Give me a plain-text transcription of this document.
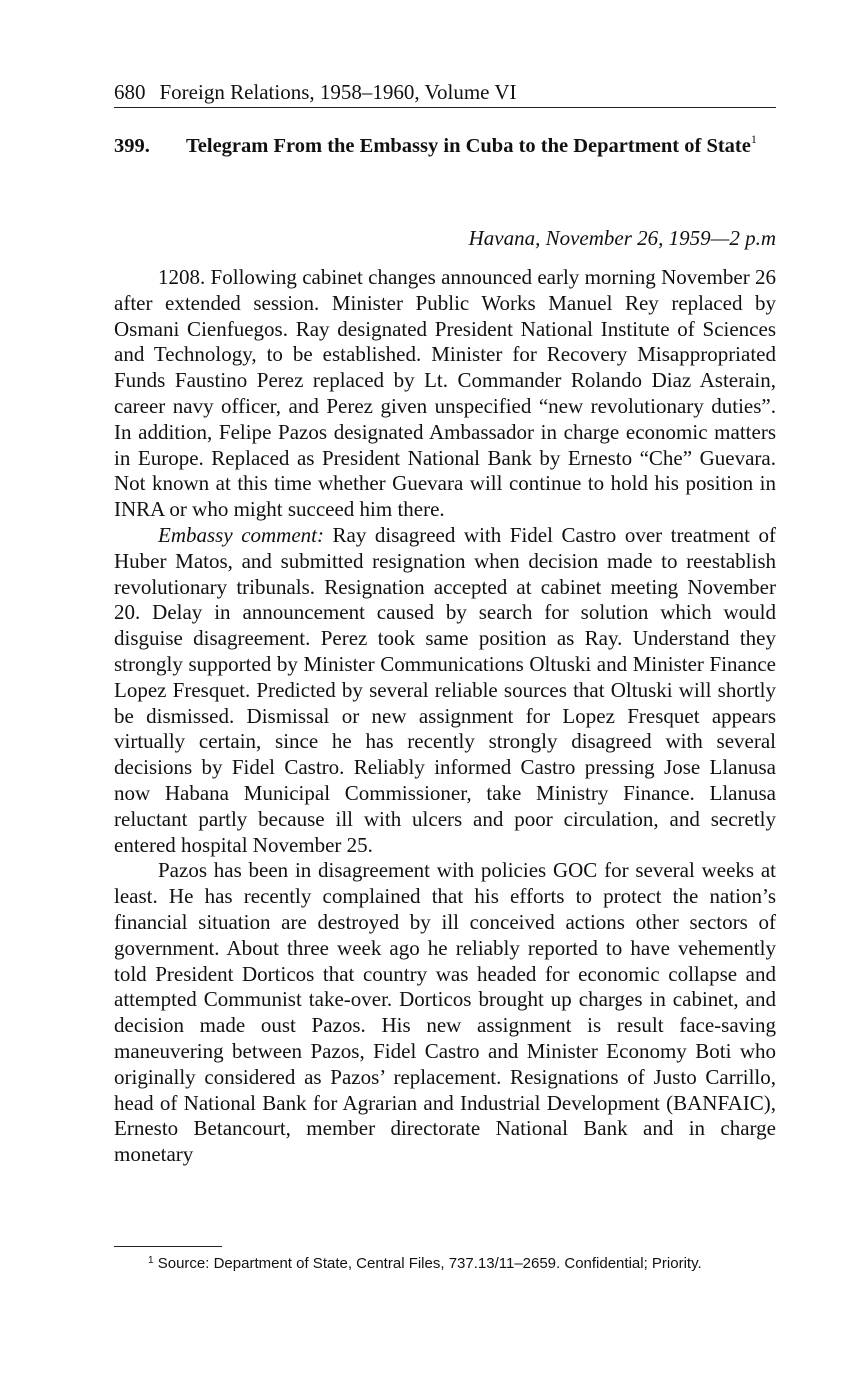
680 Foreign Relations, 1958–1960, Volume VI
399. Telegram From the Embassy in Cuba to the Department of State$^1$
Havana, November 26, 1959—2 p.m

1208. Following cabinet changes announced early morning November 26 after extended session. Minister Public Works Manuel Rey replaced by Osmani Cienfuegos. Ray designated President National Institute of Sciences and Technology, to be established. Minister for Recovery Misappropriated Funds Faustino Perez replaced by Lt. Commander Rolando Diaz Asterain, career navy officer, and Perez given unspecified “new revolutionary duties”. In addition, Felipe Pazos designated Ambassador in charge economic matters in Europe. Replaced as President National Bank by Ernesto “Che” Guevara. Not known at this time whether Guevara will continue to hold his position in INRA or who might succeed him there.

Embassy comment: Ray disagreed with Fidel Castro over treatment of Huber Matos, and submitted resignation when decision made to reestablish revolutionary tribunals. Resignation accepted at cabinet meeting November 20. Delay in announcement caused by search for solution which would disguise disagreement. Perez took same position as Ray. Understand they strongly supported by Minister Communications Oltuski and Minister Finance Lopez Fresquet. Predicted by several reliable sources that Oltuski will shortly be dismissed. Dismissal or new assignment for Lopez Fresquet appears virtually certain, since he has recently strongly disagreed with several decisions by Fidel Castro. Reliably informed Castro pressing Jose Llanusa now Habana Municipal Commissioner, take Ministry Finance. Llanusa reluctant partly because ill with ulcers and poor circulation, and secretly entered hospital November 25.

Pazos has been in disagreement with policies GOC for several weeks at least. He has recently complained that his efforts to protect the nation’s financial situation are destroyed by ill conceived actions other sectors of government. About three week ago he reliably reported to have vehemently told President Dorticos that country was headed for economic collapse and attempted Communist take-over. Dorticos brought up charges in cabinet, and decision made oust Pazos. His new assignment is result face-saving maneuvering between Pazos, Fidel Castro and Minister Economy Boti who originally considered as Pazos’ replacement. Resignations of Justo Carrillo, head of National Bank for Agrarian and Industrial Development (BANFAIC), Ernesto Betancourt, member directorate National Bank and in charge monetary

$^1$ Source: Department of State, Central Files, 737.13/11–2659. Confidential; Priority.
